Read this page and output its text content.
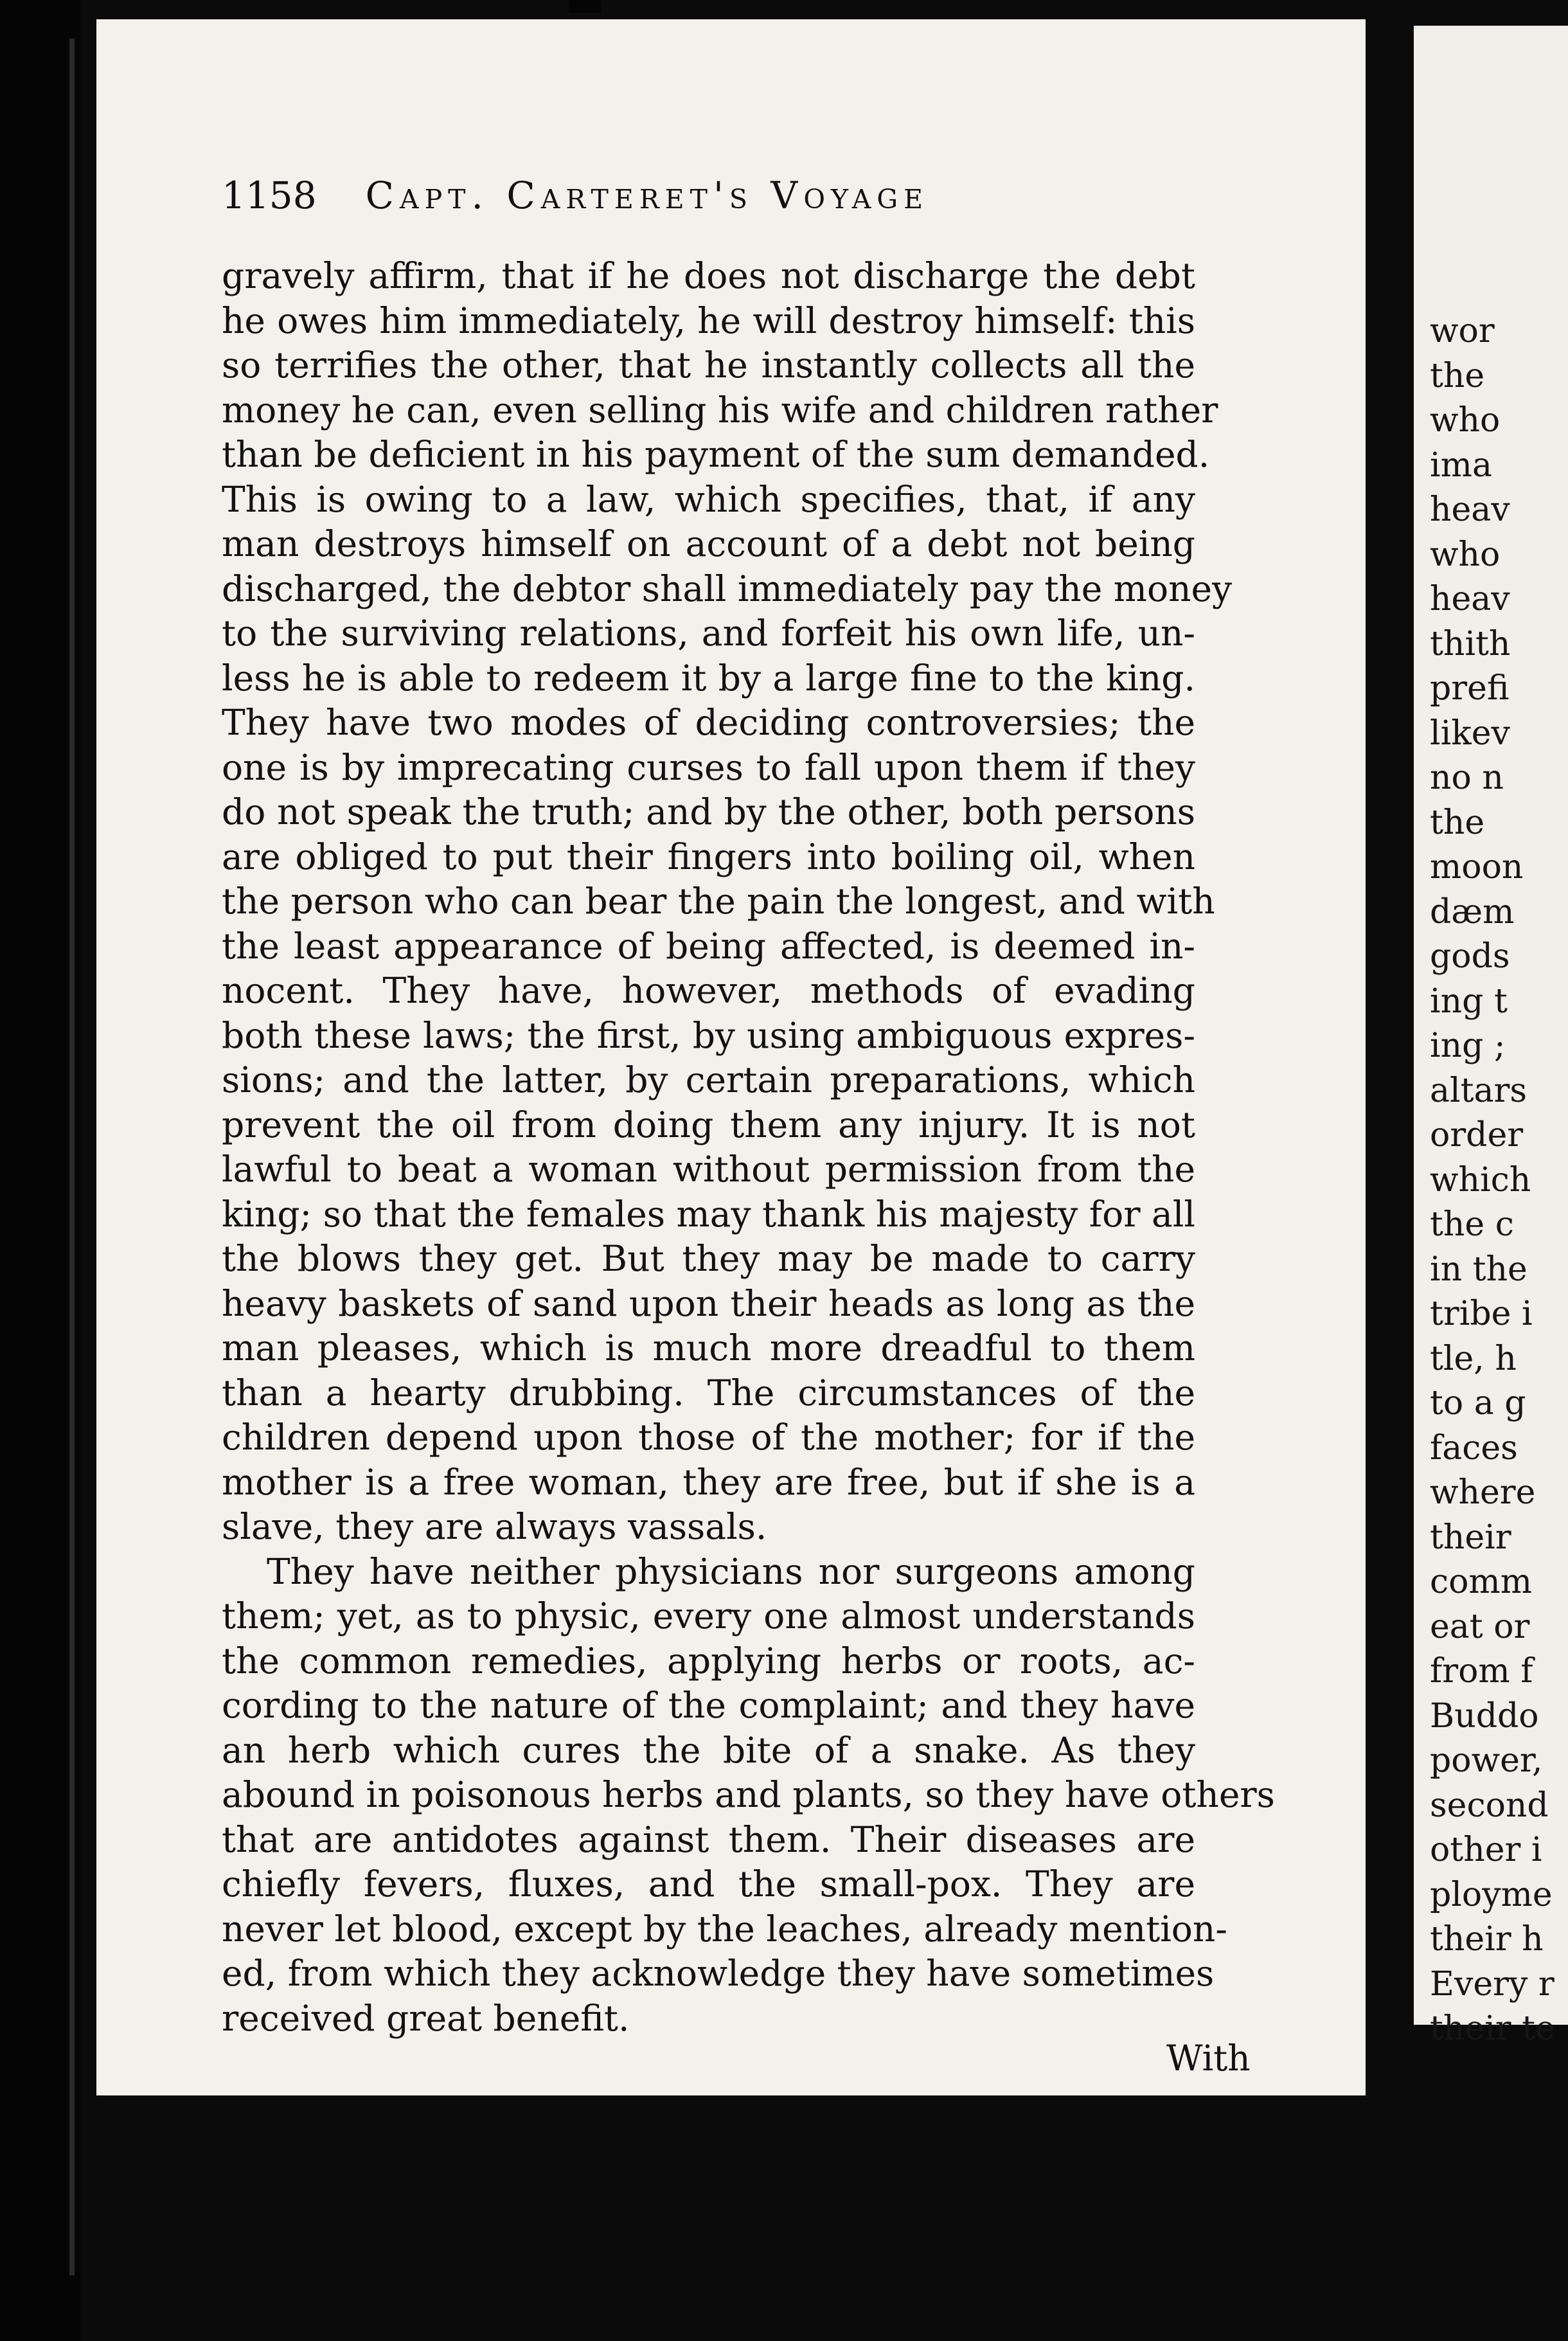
1158 Capt. Carteret's Voyage
gravely affirm, that if he does not discharge the debt
he owes him immediately, he will destroy himself: this
so terrifies the other, that he instantly collects all the
money he can, even selling his wife and children rather
than be deficient in his payment of the sum demanded.
This is owing to a law, which specifies, that, if any
man destroys himself on account of a debt not being
discharged, the debtor shall immediately pay the money
to the surviving relations, and forfeit his own life, un-
less he is able to redeem it by a large fine to the king.
They have two modes of deciding controversies; the
one is by imprecating curses to fall upon them if they
do not speak the truth; and by the other, both persons
are obliged to put their fingers into boiling oil, when
the person who can bear the pain the longest, and with
the least appearance of being affected, is deemed in-
nocent. They have, however, methods of evading
both these laws; the first, by using ambiguous expres-
sions; and the latter, by certain preparations, which
prevent the oil from doing them any injury. It is not
lawful to beat a woman without permission from the
king; so that the females may thank his majesty for all
the blows they get. But they may be made to carry
heavy baskets of sand upon their heads as long as the
man pleases, which is much more dreadful to them
than a hearty drubbing. The circumstances of the
children depend upon those of the mother; for if the
mother is a free woman, they are free, but if she is a
slave, they are always vassals.
They have neither physicians nor surgeons among
them; yet, as to physic, every one almost understands
the common remedies, applying herbs or roots, ac-
cording to the nature of the complaint; and they have
an herb which cures the bite of a snake. As they
abound in poisonous herbs and plants, so they have others
that are antidotes against them. Their diseases are
chiefly fevers, fluxes, and the small-pox. They are
never let blood, except by the leaches, already mention-
ed, from which they acknowledge they have sometimes
received great benefit.
With
wor
the
who
ima
heav
who
heav
thith
prefi
likev
no n
the
moon
dæm
gods
ing t
ing ;
altars
order
which
the c
in the
tribe i
tle, h
to a g
faces
where
their
comm
eat or
from f
Buddo
power,
second
other i
ployme
their h
Every r
their te
